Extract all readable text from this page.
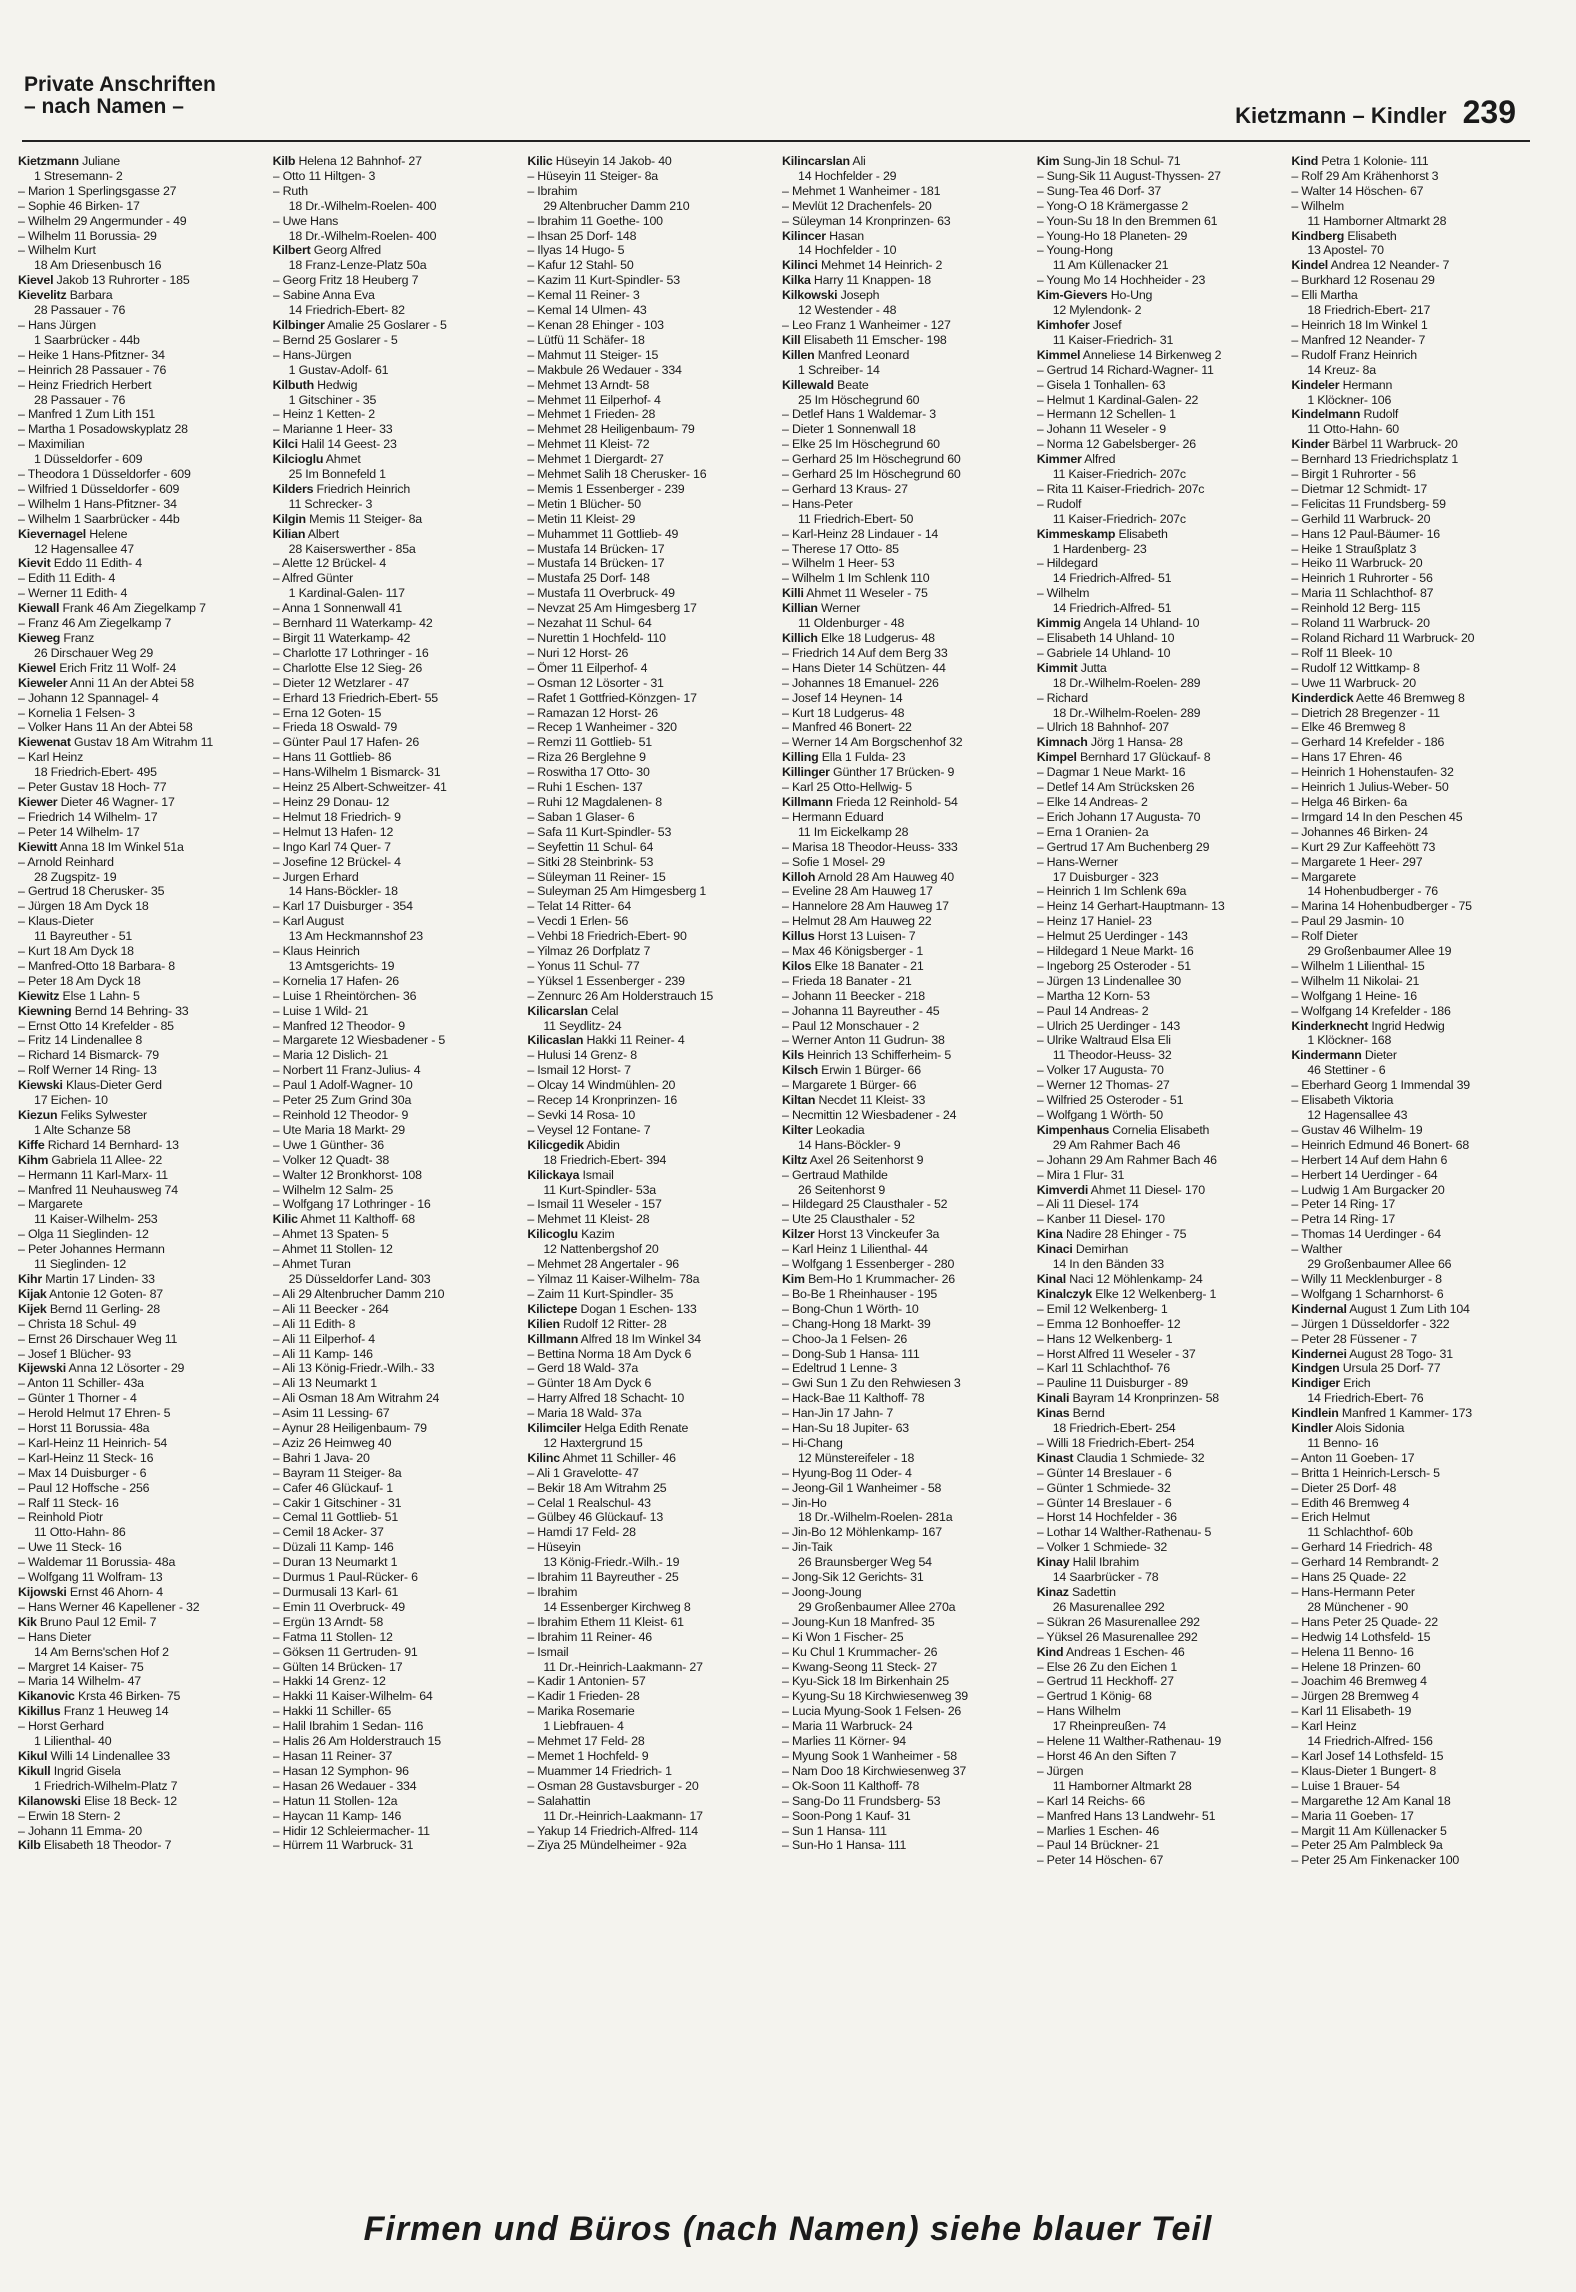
Private Anschriften
– nach Namen –	Kietzmann – Kindler 239
Kietzmann Juliane
1 Stresemann- 2
– Marion 1 Sperlingsgasse 27
– Sophie 46 Birken- 17
– Wilhelm 29 Angermunder - 49
– Wilhelm 11 Borussia- 29
– Wilhelm Kurt
18 Am Driesenbusch 16
Kievel Jakob 13 Ruhrorter - 185
Kievelitz Barbara
28 Passauer - 76
– Hans Jürgen
1 Saarbrücker - 44b
– Heike 1 Hans-Pfitzner- 34
– Heinrich 28 Passauer - 76
– Heinz Friedrich Herbert
28 Passauer - 76
– Manfred 1 Zum Lith 151
– Martha 1 Posadowskyplatz 28
– Maximilian
1 Düsseldorfer - 609
– Theodora 1 Düsseldorfer - 609
– Wilfried 1 Düsseldorfer - 609
– Wilhelm 1 Hans-Pfitzner- 34
– Wilhelm 1 Saarbrücker - 44b
Kievernagel Helene
12 Hagensallee 47
Kievit Eddo 11 Edith- 4
– Edith 11 Edith- 4
– Werner 11 Edith- 4
Kiewall Frank 46 Am Ziegelkamp 7
– Franz 46 Am Ziegelkamp 7
Kieweg Franz
26 Dirschauer Weg 29
Kiewel Erich Fritz 11 Wolf- 24
Kieweler Anni 11 An der Abtei 58
– Johann 12 Spannagel- 4
– Kornelia 1 Felsen- 3
– Volker Hans 11 An der Abtei 58
Kiewenat Gustav 18 Am Witrahm 11
– Karl Heinz
18 Friedrich-Ebert- 495
– Peter Gustav 18 Hoch- 77
Kiewer Dieter 46 Wagner- 17
– Friedrich 14 Wilhelm- 17
– Peter 14 Wilhelm- 17
Kiewitt Anna 18 Im Winkel 51a
– Arnold Reinhard
28 Zugspitz- 19
– Gertrud 18 Cherusker- 35
– Jürgen 18 Am Dyck 18
– Klaus-Dieter
11 Bayreuther - 51
– Kurt 18 Am Dyck 18
– Manfred-Otto 18 Barbara- 8
– Peter 18 Am Dyck 18
Kiewitz Else 1 Lahn- 5
Kiewning Bernd 14 Behring- 33
– Ernst Otto 14 Krefelder - 85
– Fritz 14 Lindenallee 8
– Richard 14 Bismarck- 79
– Rolf Werner 14 Ring- 13
Kiewski Klaus-Dieter Gerd
17 Eichen- 10
Kiezun Feliks Sylwester
1 Alte Schanze 58
Kiffe Richard 14 Bernhard- 13
Kihm Gabriela 11 Allee- 22
– Hermann 11 Karl-Marx- 11
– Manfred 11 Neuhausweg 74
– Margarete
11 Kaiser-Wilhelm- 253
– Olga 11 Sieglinden- 12
– Peter Johannes Hermann
11 Sieglinden- 12
Kihr Martin 17 Linden- 33
Kijak Antonie 12 Goten- 87
Kijek Bernd 11 Gerling- 28
– Christa 18 Schul- 49
– Ernst 26 Dirschauer Weg 11
– Josef 1 Blücher- 93
Kijewski Anna 12 Lösorter - 29
– Anton 11 Schiller- 43a
– Günter 1 Thorner - 4
– Herold Helmut 17 Ehren- 5
– Horst 11 Borussia- 48a
– Karl-Heinz 11 Heinrich- 54
– Karl-Heinz 11 Steck- 16
– Max 14 Duisburger - 6
– Paul 12 Hoffsche - 256
– Ralf 11 Steck- 16
– Reinhold Piotr
11 Otto-Hahn- 86
– Uwe 11 Steck- 16
– Waldemar 11 Borussia- 48a
– Wolfgang 11 Wolfram- 13
Kijowski Ernst 46 Ahorn- 4
– Hans Werner 46 Kapellener - 32
Kik Bruno Paul 12 Emil- 7
– Hans Dieter
14 Am Berns'schen Hof 2
– Margret 14 Kaiser- 75
– Maria 14 Wilhelm- 47
Kikanovic Krsta 46 Birken- 75
Kikillus Franz 1 Heuweg 14
– Horst Gerhard
1 Lilienthal- 40
Kikul Willi 14 Lindenallee 33
Kikull Ingrid Gisela
1 Friedrich-Wilhelm-Platz 7
Kilanowski Elise 18 Beck- 12
– Erwin 18 Stern- 2
– Johann 11 Emma- 20
Kilb Elisabeth 18 Theodor- 7
Kilb Helena 12 Bahnhof- 27
– Otto 11 Hiltgen- 3
– Ruth
18 Dr.-Wilhelm-Roelen- 400
– Uwe Hans
18 Dr.-Wilhelm-Roelen- 400
Kilbert Georg Alfred
18 Franz-Lenze-Platz 50a
– Georg Fritz 18 Heuberg 7
– Sabine Anna Eva
14 Friedrich-Ebert- 82
Kilbinger Amalie 25 Goslarer - 5
– Bernd 25 Goslarer - 5
– Hans-Jürgen
1 Gustav-Adolf- 61
Kilbuth Hedwig
1 Gitschiner - 35
– Heinz 1 Ketten- 2
– Marianne 1 Heer- 33
Kilci Halil 14 Geest- 23
Kilcioglu Ahmet
25 Im Bonnefeld 1
Kilders Friedrich Heinrich
11 Schrecker- 3
Kilgin Memis 11 Steiger- 8a
Kilian Albert
28 Kaiserswerther - 85a
– Alette 12 Brückel- 4
– Alfred Günter
1 Kardinal-Galen- 117
– Anna 1 Sonnenwall 41
– Bernhard 11 Waterkamp- 42
– Birgit 11 Waterkamp- 42
– Charlotte 17 Lothringer - 16
– Charlotte Else 12 Sieg- 26
– Dieter 12 Wetzlarer - 47
– Erhard 13 Friedrich-Ebert- 55
– Erna 12 Goten- 15
– Frieda 18 Oswald- 79
– Günter Paul 17 Hafen- 26
– Hans 11 Gottlieb- 86
– Hans-Wilhelm 1 Bismarck- 31
– Heinz 25 Albert-Schweitzer- 41
– Heinz 29 Donau- 12
– Helmut 18 Friedrich- 9
– Helmut 13 Hafen- 12
– Ingo Karl 74 Quer- 7
– Josefine 12 Brückel- 4
– Jurgen Erhard
14 Hans-Böckler- 18
– Karl 17 Duisburger - 354
– Karl August
13 Am Heckmannshof 23
– Klaus Heinrich
13 Amtsgerichts- 19
– Kornelia 17 Hafen- 26
– Luise 1 Rheintörchen- 36
– Luise 1 Wild- 21
– Manfred 12 Theodor- 9
– Margarete 12 Wiesbadener - 5
– Maria 12 Dislich- 21
– Norbert 11 Franz-Julius- 4
– Paul 1 Adolf-Wagner- 10
– Peter 25 Zum Grind 30a
– Reinhold 12 Theodor- 9
– Ute Maria 18 Markt- 29
– Uwe 1 Günther- 36
– Volker 12 Quadt- 38
– Walter 12 Bronkhorst- 108
– Wilhelm 12 Salm- 25
– Wolfgang 17 Lothringer - 16
Kilic Ahmet 11 Kalthoff- 68
– Ahmet 13 Spaten- 5
– Ahmet 11 Stollen- 12
– Ahmet Turan
25 Düsseldorfer Land- 303
– Ali 29 Altenbrucher Damm 210
– Ali 11 Beecker - 264
– Ali 11 Edith- 8
– Ali 11 Eilperhof- 4
– Ali 11 Kamp- 146
– Ali 13 König-Friedr.-Wilh.- 33
– Ali 13 Neumarkt 1
– Ali Osman 18 Am Witrahm 24
– Asim 11 Lessing- 67
– Aynur 28 Heiligenbaum- 79
– Aziz 26 Heimweg 40
– Bahri 1 Java- 20
– Bayram 11 Steiger- 8a
– Cafer 46 Glückauf- 1
– Cakir 1 Gitschiner - 31
– Cemal 11 Gottlieb- 51
– Cemil 18 Acker- 37
– Düzali 11 Kamp- 146
– Duran 13 Neumarkt 1
– Durmus 1 Paul-Rücker- 6
– Durmusali 13 Karl- 61
– Emin 11 Overbruck- 49
– Ergün 13 Arndt- 58
– Fatma 11 Stollen- 12
– Göksen 11 Gertruden- 91
– Gülten 14 Brücken- 17
– Hakki 14 Grenz- 12
– Hakki 11 Kaiser-Wilhelm- 64
– Hakki 11 Schiller- 65
– Halil Ibrahim 1 Sedan- 116
– Halis 26 Am Holderstrauch 15
– Hasan 11 Reiner- 37
– Hasan 12 Symphon- 96
– Hasan 26 Wedauer - 334
– Hatun 11 Stollen- 12a
– Haycan 11 Kamp- 146
– Hidir 12 Schleiermacher- 11
– Hürrem 11 Warbruck- 31
Kilic Hüseyin 14 Jakob- 40
– Hüseyin 11 Steiger- 8a
– Ibrahim
29 Altenbrucher Damm 210
– Ibrahim 11 Goethe- 100
– Ihsan 25 Dorf- 148
– Ilyas 14 Hugo- 5
– Kafur 12 Stahl- 50
– Kazim 11 Kurt-Spindler- 53
– Kemal 11 Reiner- 3
– Kemal 14 Ulmen- 43
– Kenan 28 Ehinger - 103
– Lütfü 11 Schäfer- 18
– Mahmut 11 Steiger- 15
– Makbule 26 Wedauer - 334
– Mehmet 13 Arndt- 58
– Mehmet 11 Eilperhof- 4
– Mehmet 1 Frieden- 28
– Mehmet 28 Heiligenbaum- 79
– Mehmet 11 Kleist- 72
– Mehmet 1 Diergardt- 27
– Mehmet Salih 18 Cherusker- 16
– Memis 1 Essenberger - 239
– Metin 1 Blücher- 50
– Metin 11 Kleist- 29
– Muhammet 11 Gottlieb- 49
– Mustafa 14 Brücken- 17
– Mustafa 14 Brücken- 17
– Mustafa 25 Dorf- 148
– Mustafa 11 Overbruck- 49
– Nevzat 25 Am Himgesberg 17
– Nezahat 11 Schul- 64
– Nurettin 1 Hochfeld- 110
– Nuri 12 Horst- 26
– Ömer 11 Eilperhof- 4
– Osman 12 Lösorter - 31
– Rafet 1 Gottfried-Könzgen- 17
– Ramazan 12 Horst- 26
– Recep 1 Wanheimer - 320
– Remzi 11 Gottlieb- 51
– Riza 26 Berglehne 9
– Roswitha 17 Otto- 30
– Ruhi 1 Eschen- 137
– Ruhi 12 Magdalenen- 8
– Saban 1 Glaser- 6
– Safa 11 Kurt-Spindler- 53
– Seyfettin 11 Schul- 64
– Sitki 28 Steinbrink- 53
– Süleyman 11 Reiner- 15
– Suleyman 25 Am Himgesberg 1
– Telat 14 Ritter- 64
– Vecdi 1 Erlen- 56
– Vehbi 18 Friedrich-Ebert- 90
– Yilmaz 26 Dorfplatz 7
– Yonus 11 Schul- 77
– Yüksel 1 Essenberger - 239
– Zennurc 26 Am Holderstrauch 15
Kilicarslan Celal
11 Seydlitz- 24
Kilicaslan Hakki 11 Reiner- 4
– Hulusi 14 Grenz- 8
– Ismail 12 Horst- 7
– Olcay 14 Windmühlen- 20
– Recep 14 Kronprinzen- 16
– Sevki 14 Rosa- 10
– Veysel 12 Fontane- 7
Kilicgedik Abidin
18 Friedrich-Ebert- 394
Kilickaya Ismail
11 Kurt-Spindler- 53a
– Ismail 11 Weseler - 157
– Mehmet 11 Kleist- 28
Kilicoglu Kazim
12 Nattenbergshof 20
– Mehmet 28 Angertaler - 96
– Yilmaz 11 Kaiser-Wilhelm- 78a
– Zaim 11 Kurt-Spindler- 35
Kilictepe Dogan 1 Eschen- 133
Kilien Rudolf 12 Ritter- 28
Killmann Alfred 18 Im Winkel 34
– Bettina Norma 18 Am Dyck 6
– Gerd 18 Wald- 37a
– Günter 18 Am Dyck 6
– Harry Alfred 18 Schacht- 10
– Maria 18 Wald- 37a
Kilimciler Helga Edith Renate
12 Haxtergrund 15
Kilinc Ahmet 11 Schiller- 46
– Ali 1 Gravelotte- 47
– Bekir 18 Am Witrahm 25
– Celal 1 Realschul- 43
– Gülbey 46 Glückauf- 13
– Hamdi 17 Feld- 28
– Hüseyin
13 König-Friedr.-Wilh.- 19
– Ibrahim 11 Bayreuther - 25
– Ibrahim
14 Essenberger Kirchweg 8
– Ibrahim Ethem 11 Kleist- 61
– Ibrahim 11 Reiner- 46
– Ismail
11 Dr.-Heinrich-Laakmann- 27
– Kadir 1 Antonien- 57
– Kadir 1 Frieden- 28
– Marika Rosemarie
1 Liebfrauen- 4
– Mehmet 17 Feld- 28
– Memet 1 Hochfeld- 9
– Muammer 14 Friedrich- 1
– Osman 28 Gustavsburger - 20
– Salahattin
11 Dr.-Heinrich-Laakmann- 17
– Yakup 14 Friedrich-Alfred- 114
– Ziya 25 Mündelheimer - 92a
Kilincarslan Ali
14 Hochfelder - 29
– Mehmet 1 Wanheimer - 181
– Mevlüt 12 Drachenfels- 20
– Süleyman 14 Kronprinzen- 63
Kilincer Hasan
14 Hochfelder - 10
Kilinci Mehmet 14 Heinrich- 2
Kilka Harry 11 Knappen- 18
Kilkowski Joseph
12 Westender - 48
– Leo Franz 1 Wanheimer - 127
Kill Elisabeth 11 Emscher- 198
Killen Manfred Leonard
1 Schreiber- 14
Killewald Beate
25 Im Höschegrund 60
– Detlef Hans 1 Waldemar- 3
– Dieter 1 Sonnenwall 18
– Elke 25 Im Höschegrund 60
– Gerhard 25 Im Höschegrund 60
– Gerhard 25 Im Höschegrund 60
– Gerhard 13 Kraus- 27
– Hans-Peter
11 Friedrich-Ebert- 50
– Karl-Heinz 28 Lindauer - 14
– Therese 17 Otto- 85
– Wilhelm 1 Heer- 53
– Wilhelm 1 Im Schlenk 110
Killi Ahmet 11 Weseler - 75
Killian Werner
11 Oldenburger - 48
Killich Elke 18 Ludgerus- 48
– Friedrich 14 Auf dem Berg 33
– Hans Dieter 14 Schützen- 44
– Johannes 18 Emanuel- 226
– Josef 14 Heynen- 14
– Kurt 18 Ludgerus- 48
– Manfred 46 Bonert- 22
– Werner 14 Am Borgschenhof 32
Killing Ella 1 Fulda- 23
Killinger Günther 17 Brücken- 9
– Karl 25 Otto-Hellwig- 5
Killmann Frieda 12 Reinhold- 54
– Hermann Eduard
11 Im Eickelkamp 28
– Marisa 18 Theodor-Heuss- 333
– Sofie 1 Mosel- 29
Killoh Arnold 28 Am Hauweg 40
– Eveline 28 Am Hauweg 17
– Hannelore 28 Am Hauweg 17
– Helmut 28 Am Hauweg 22
Killus Horst 13 Luisen- 7
– Max 46 Königsberger - 1
Kilos Elke 18 Banater - 21
– Frieda 18 Banater - 21
– Johann 11 Beecker - 218
– Johanna 11 Bayreuther - 45
– Paul 12 Monschauer - 2
– Werner Anton 11 Gudrun- 38
Kils Heinrich 13 Schifferheim- 5
Kilsch Erwin 1 Bürger- 66
– Margarete 1 Bürger- 66
Kiltan Necdet 11 Kleist- 33
– Necmittin 12 Wiesbadener - 24
Kilter Leokadia
14 Hans-Böckler- 9
Kiltz Axel 26 Seitenhorst 9
– Gertraud Mathilde
26 Seitenhorst 9
– Hildegard 25 Clausthaler - 52
– Ute 25 Clausthaler - 52
Kilzer Horst 13 Vinckeufer 3a
– Karl Heinz 1 Lilienthal- 44
– Wolfgang 1 Essenberger - 280
Kim Bem-Ho 1 Krummacher- 26
– Bo-Be 1 Rheinhauser - 195
– Bong-Chun 1 Wörth- 10
– Chang-Hong 18 Markt- 39
– Choo-Ja 1 Felsen- 26
– Dong-Sub 1 Hansa- 111
– Edeltrud 1 Lenne- 3
– Gwi Sun 1 Zu den Rehwiesen 3
– Hack-Bae 11 Kalthoff- 78
– Han-Jin 17 Jahn- 7
– Han-Su 18 Jupiter- 63
– Hi-Chang
12 Münstereifeler - 18
– Hyung-Bog 11 Oder- 4
– Jeong-Gil 1 Wanheimer - 58
– Jin-Ho
18 Dr.-Wilhelm-Roelen- 281a
– Jin-Bo 12 Möhlenkamp- 167
– Jin-Taik
26 Braunsberger Weg 54
– Jong-Sik 12 Gerichts- 31
– Joong-Joung
29 Großenbaumer Allee 270a
– Joung-Kun 18 Manfred- 35
– Ki Won 1 Fischer- 25
– Ku Chul 1 Krummacher- 26
– Kwang-Seong 11 Steck- 27
– Kyu-Sick 18 Im Birkenhain 25
– Kyung-Su 18 Kirchwiesenweg 39
– Lucia Myung-Sook 1 Felsen- 26
– Maria 11 Warbruck- 24
– Marlies 11 Körner- 94
– Myung Sook 1 Wanheimer - 58
– Nam Doo 18 Kirchwiesenweg 37
– Ok-Soon 11 Kalthoff- 78
– Sang-Do 11 Frundsberg- 53
– Soon-Pong 1 Kauf- 31
– Sun 1 Hansa- 111
– Sun-Ho 1 Hansa- 111
Kim Sung-Jin 18 Schul- 71
– Sung-Sik 11 August-Thyssen- 27
– Sung-Tea 46 Dorf- 37
– Yong-O 18 Krämergasse 2
– Youn-Su 18 In den Bremmen 61
– Young-Ho 18 Planeten- 29
– Young-Hong
11 Am Küllenacker 21
– Young Mo 14 Hochheider - 23
Kim-Gievers Ho-Ung
12 Mylendonk- 2
Kimhofer Josef
11 Kaiser-Friedrich- 31
Kimmel Anneliese 14 Birkenweg 2
– Gertrud 14 Richard-Wagner- 11
– Gisela 1 Tonhallen- 63
– Helmut 1 Kardinal-Galen- 22
– Hermann 12 Schellen- 1
– Johann 11 Weseler - 9
– Norma 12 Gabelsberger- 26
Kimmer Alfred
11 Kaiser-Friedrich- 207c
– Rita 11 Kaiser-Friedrich- 207c
– Rudolf
11 Kaiser-Friedrich- 207c
Kimmeskamp Elisabeth
1 Hardenberg- 23
– Hildegard
14 Friedrich-Alfred- 51
– Wilhelm
14 Friedrich-Alfred- 51
Kimmig Angela 14 Uhland- 10
– Elisabeth 14 Uhland- 10
– Gabriele 14 Uhland- 10
Kimmit Jutta
18 Dr.-Wilhelm-Roelen- 289
– Richard
18 Dr.-Wilhelm-Roelen- 289
– Ulrich 18 Bahnhof- 207
Kimnach Jörg 1 Hansa- 28
Kimpel Bernhard 17 Glückauf- 8
– Dagmar 1 Neue Markt- 16
– Detlef 14 Am Strücksken 26
– Elke 14 Andreas- 2
– Erich Johann 17 Augusta- 70
– Erna 1 Oranien- 2a
– Gertrud 17 Am Buchenberg 29
– Hans-Werner
17 Duisburger - 323
– Heinrich 1 Im Schlenk 69a
– Heinz 14 Gerhart-Hauptmann- 13
– Heinz 17 Haniel- 23
– Helmut 25 Uerdinger - 143
– Hildegard 1 Neue Markt- 16
– Ingeborg 25 Osteroder - 51
– Jürgen 13 Lindenallee 30
– Martha 12 Korn- 53
– Paul 14 Andreas- 2
– Ulrich 25 Uerdinger - 143
– Ulrike Waltraud Elsa Eli
11 Theodor-Heuss- 32
– Volker 17 Augusta- 70
– Werner 12 Thomas- 27
– Wilfried 25 Osteroder - 51
– Wolfgang 1 Wörth- 50
Kimpenhaus Cornelia Elisabeth
29 Am Rahmer Bach 46
– Johann 29 Am Rahmer Bach 46
– Mira 1 Flur- 31
Kimverdi Ahmet 11 Diesel- 170
– Ali 11 Diesel- 174
– Kanber 11 Diesel- 170
Kina Nadire 28 Ehinger - 75
Kinaci Demirhan
14 In den Bänden 33
Kinal Naci 12 Möhlenkamp- 24
Kinalczyk Elke 12 Welkenberg- 1
– Emil 12 Welkenberg- 1
– Emma 12 Bonhoeffer- 12
– Hans 12 Welkenberg- 1
– Horst Alfred 11 Weseler - 37
– Karl 11 Schlachthof- 76
– Pauline 11 Duisburger - 89
Kinali Bayram 14 Kronprinzen- 58
Kinas Bernd
18 Friedrich-Ebert- 254
– Willi 18 Friedrich-Ebert- 254
Kinast Claudia 1 Schmiede- 32
– Günter 14 Breslauer - 6
– Günter 1 Schmiede- 32
– Günter 14 Breslauer - 6
– Horst 14 Hochfelder - 36
– Lothar 14 Walther-Rathenau- 5
– Volker 1 Schmiede- 32
Kinay Halil Ibrahim
14 Saarbrücker - 78
Kinaz Sadettin
26 Masurenallee 292
– Sükran 26 Masurenallee 292
– Yüksel 26 Masurenallee 292
Kind Andreas 1 Eschen- 46
– Else 26 Zu den Eichen 1
– Gertrud 11 Heckhoff- 27
– Gertrud 1 König- 68
– Hans Wilhelm
17 Rheinpreußen- 74
– Helene 11 Walther-Rathenau- 19
– Horst 46 An den Siften 7
– Jürgen
11 Hamborner Altmarkt 28
– Karl 14 Reichs- 66
– Manfred Hans 13 Landwehr- 51
– Marlies 1 Eschen- 46
– Paul 14 Brückner- 21
– Peter 14 Höschen- 67
Kind Petra 1 Kolonie- 111
– Rolf 29 Am Krähenhorst 3
– Walter 14 Höschen- 67
– Wilhelm
11 Hamborner Altmarkt 28
Kindberg Elisabeth
13 Apostel- 70
Kindel Andrea 12 Neander- 7
– Burkhard 12 Rosenau 29
– Elli Martha
18 Friedrich-Ebert- 217
– Heinrich 18 Im Winkel 1
– Manfred 12 Neander- 7
– Rudolf Franz Heinrich
14 Kreuz- 8a
Kindeler Hermann
1 Klöckner- 106
Kindelmann Rudolf
11 Otto-Hahn- 60
Kinder Bärbel 11 Warbruck- 20
– Bernhard 13 Friedrichsplatz 1
– Birgit 1 Ruhrorter - 56
– Dietmar 12 Schmidt- 17
– Felicitas 11 Frundsberg- 59
– Gerhild 11 Warbruck- 20
– Hans 12 Paul-Bäumer- 16
– Heike 1 Straußplatz 3
– Heiko 11 Warbruck- 20
– Heinrich 1 Ruhrorter - 56
– Maria 11 Schlachthof- 87
– Reinhold 12 Berg- 115
– Roland 11 Warbruck- 20
– Roland Richard 11 Warbruck- 20
– Rolf 11 Bleek- 10
– Rudolf 12 Wittkamp- 8
– Uwe 11 Warbruck- 20
Kinderdick Aette 46 Bremweg 8
– Dietrich 28 Bregenzer - 11
– Elke 46 Bremweg 8
– Gerhard 14 Krefelder - 186
– Hans 17 Ehren- 46
– Heinrich 1 Hohenstaufen- 32
– Heinrich 1 Julius-Weber- 50
– Helga 46 Birken- 6a
– Irmgard 14 In den Peschen 45
– Johannes 46 Birken- 24
– Kurt 29 Zur Kaffeehött 73
– Margarete 1 Heer- 297
– Margarete
14 Hohenbudberger - 76
– Marina 14 Hohenbudberger - 75
– Paul 29 Jasmin- 10
– Rolf Dieter
29 Großenbaumer Allee 19
– Wilhelm 1 Lilienthal- 15
– Wilhelm 11 Nikolai- 21
– Wolfgang 1 Heine- 16
– Wolfgang 14 Krefelder - 186
Kinderknecht Ingrid Hedwig
1 Klöckner- 168
Kindermann Dieter
46 Stettiner - 6
– Eberhard Georg 1 Immendal 39
– Elisabeth Viktoria
12 Hagensallee 43
– Gustav 46 Wilhelm- 19
– Heinrich Edmund 46 Bonert- 68
– Herbert 14 Auf dem Hahn 6
– Herbert 14 Uerdinger - 64
– Ludwig 1 Am Burgacker 20
– Peter 14 Ring- 17
– Petra 14 Ring- 17
– Thomas 14 Uerdinger - 64
– Walther
29 Großenbaumer Allee 66
– Willy 11 Mecklenburger - 8
– Wolfgang 1 Scharnhorst- 6
Kindernal August 1 Zum Lith 104
– Jürgen 1 Düsseldorfer - 322
– Peter 28 Füssener - 7
Kindernei August 28 Togo- 31
Kindgen Ursula 25 Dorf- 77
Kindiger Erich
14 Friedrich-Ebert- 76
Kindlein Manfred 1 Kammer- 173
Kindler Alois Sidonia
11 Benno- 16
– Anton 11 Goeben- 17
– Britta 1 Heinrich-Lersch- 5
– Dieter 25 Dorf- 48
– Edith 46 Bremweg 4
– Erich Helmut
11 Schlachthof- 60b
– Gerhard 14 Friedrich- 48
– Gerhard 14 Rembrandt- 2
– Hans 25 Quade- 22
– Hans-Hermann Peter
28 Münchener - 90
– Hans Peter 25 Quade- 22
– Hedwig 14 Lothsfeld- 15
– Helena 11 Benno- 16
– Helene 18 Prinzen- 60
– Joachim 46 Bremweg 4
– Jürgen 28 Bremweg 4
– Karl 11 Elisabeth- 19
– Karl Heinz
14 Friedrich-Alfred- 156
– Karl Josef 14 Lothsfeld- 15
– Klaus-Dieter 1 Bungert- 8
– Luise 1 Brauer- 54
– Margarethe 12 Am Kanal 18
– Maria 11 Goeben- 17
– Margit 11 Am Küllenacker 5
– Peter 25 Am Palmbleck 9a
– Peter 25 Am Finkenacker 100
Firmen und Büros (nach Namen) siehe blauer Teil
